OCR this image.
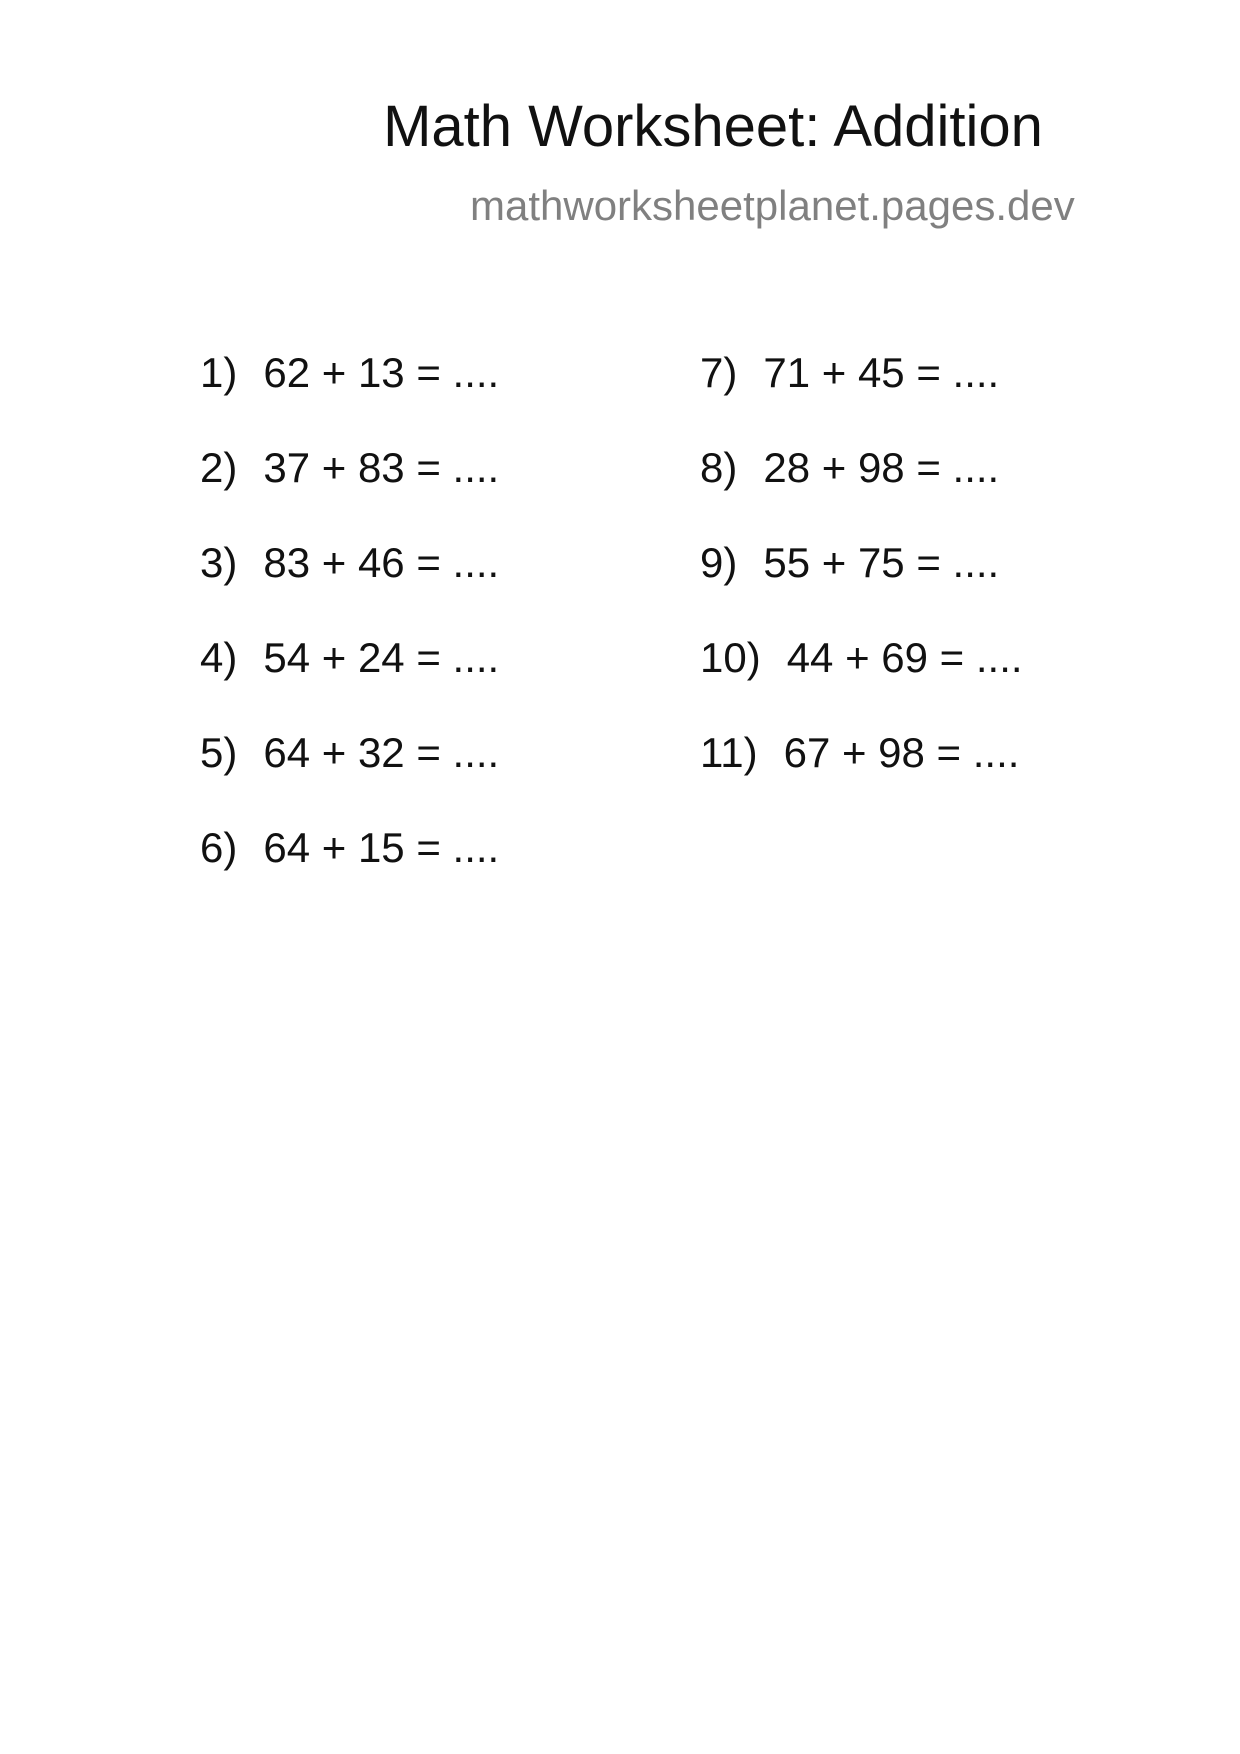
Math Worksheet: Addition
mathworksheetplanet.pages.dev
1) 62 + 13 = ....
2) 37 + 83 = ....
3) 83 + 46 = ....
4) 54 + 24 = ....
5) 64 + 32 = ....
6) 64 + 15 = ....
7) 71 + 45 = ....
8) 28 + 98 = ....
9) 55 + 75 = ....
10) 44 + 69 = ....
11) 67 + 98 = ....
